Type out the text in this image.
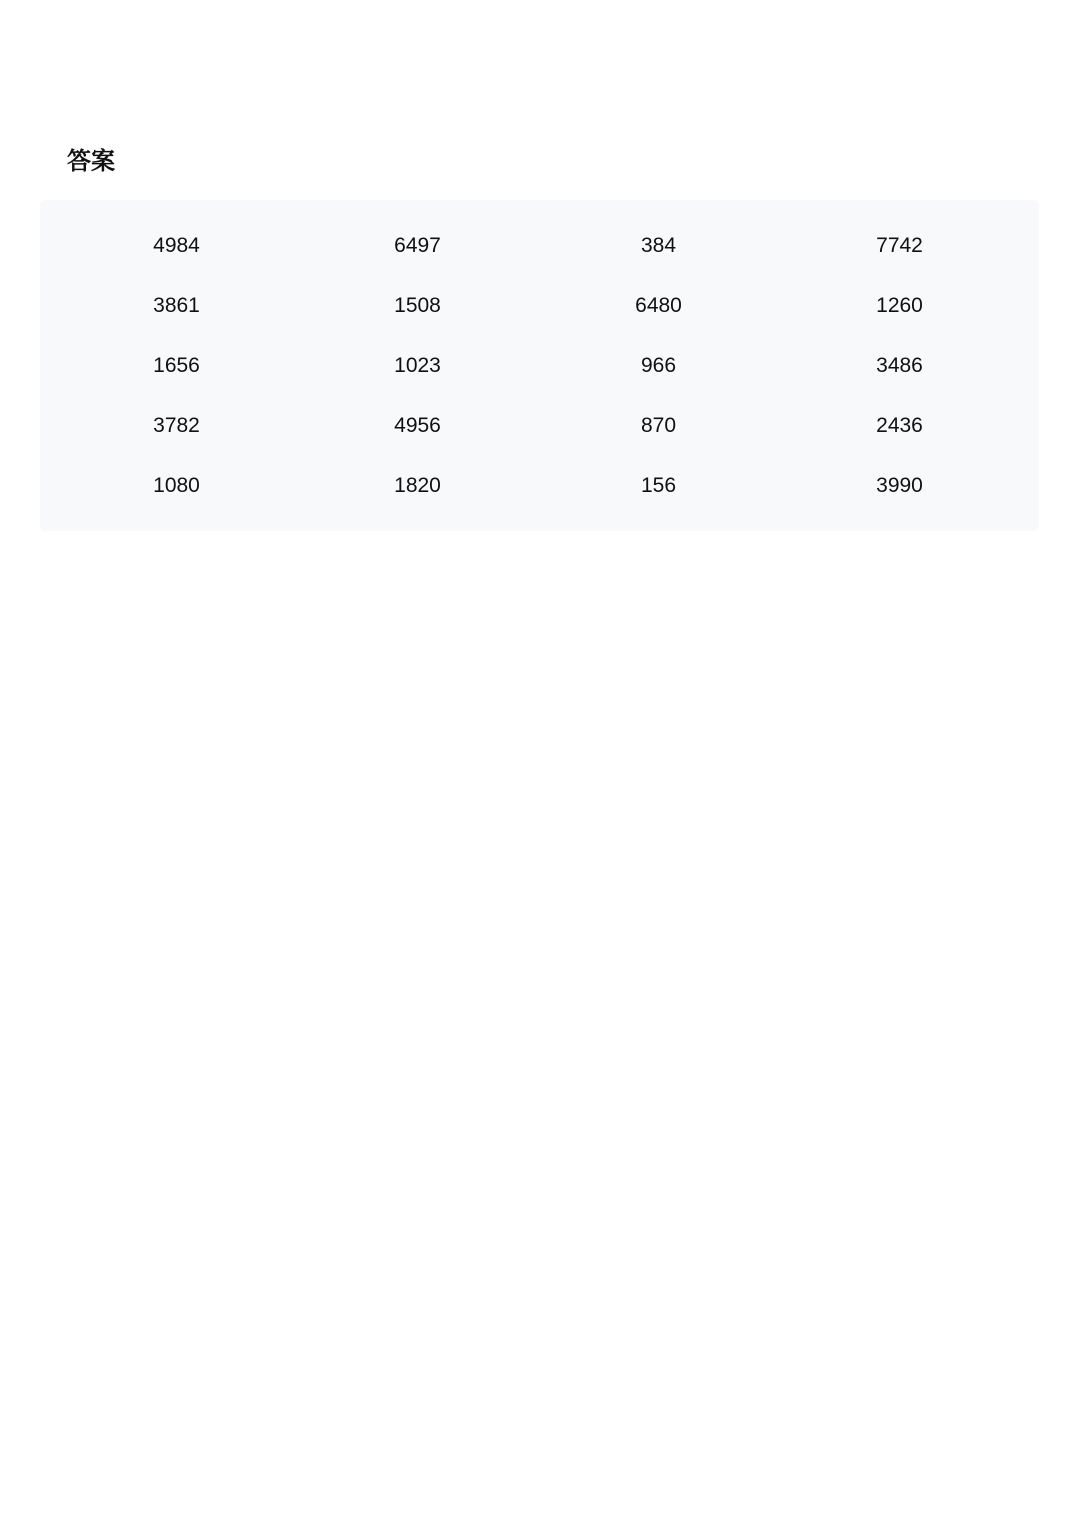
答案
4984	6497	384	7742
3861	1508	6480	1260
1656	1023	966	3486
3782	4956	870	2436
1080	1820	156	3990
